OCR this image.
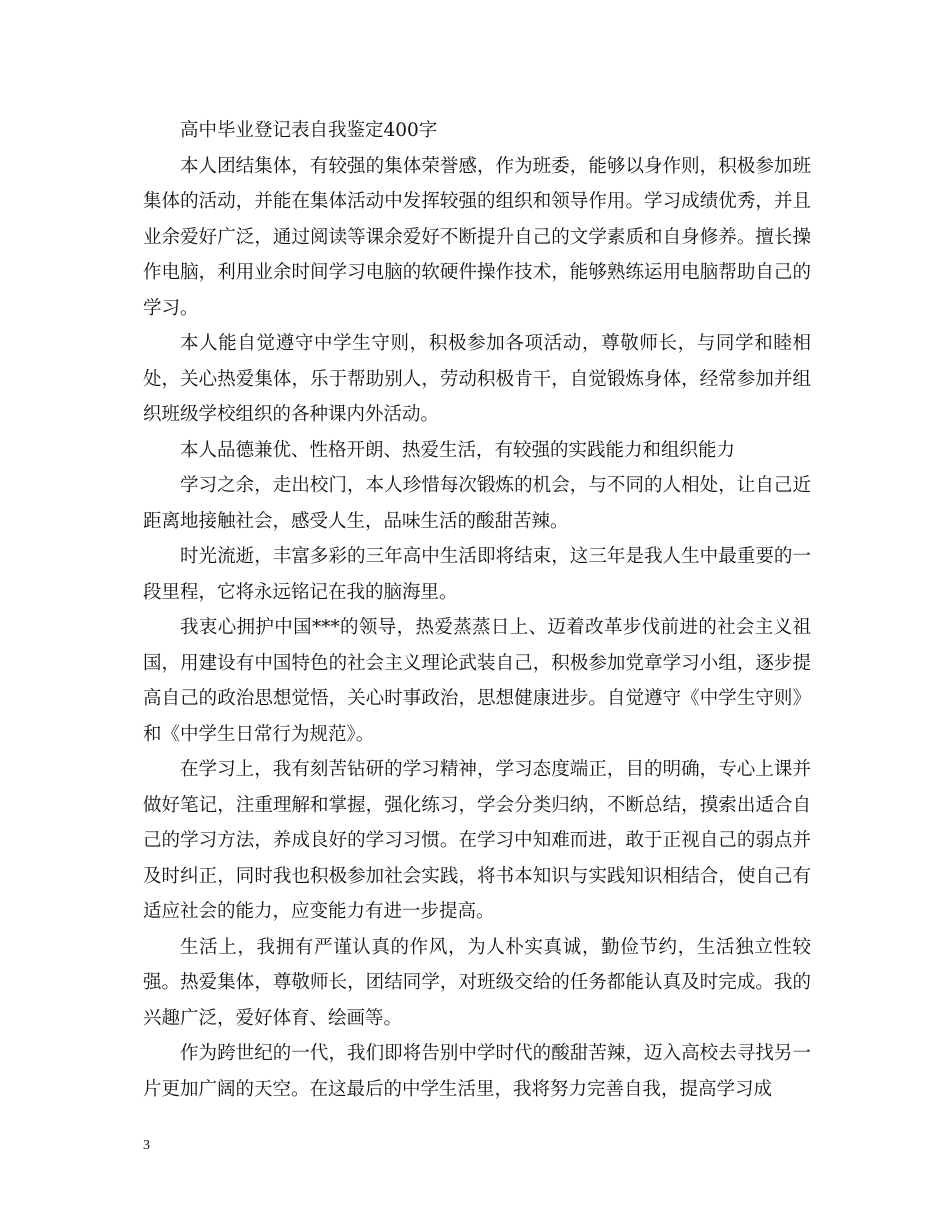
高中毕业登记表自我鉴定400字

本人团结集体，有较强的集体荣誉感，作为班委，能够以身作则，积极参加班集体的活动，并能在集体活动中发挥较强的组织和领导作用。学习成绩优秀，并且业余爱好广泛，通过阅读等课余爱好不断提升自己的文学素质和自身修养。擅长操作电脑，利用业余时间学习电脑的软硬件操作技术，能够熟练运用电脑帮助自己的学习。

本人能自觉遵守中学生守则，积极参加各项活动，尊敬师长，与同学和睦相处，关心热爱集体，乐于帮助别人，劳动积极肯干，自觉锻炼身体，经常参加并组织班级学校组织的各种课内外活动。

本人品德兼优、性格开朗、热爱生活，有较强的实践能力和组织能力

学习之余，走出校门，本人珍惜每次锻炼的机会，与不同的人相处，让自己近距离地接触社会，感受人生，品味生活的酸甜苦辣。

时光流逝，丰富多彩的三年高中生活即将结束，这三年是我人生中最重要的一段里程，它将永远铭记在我的脑海里。

我衷心拥护中国***的领导，热爱蒸蒸日上、迈着改革步伐前进的社会主义祖国，用建设有中国特色的社会主义理论武装自己，积极参加党章学习小组，逐步提高自己的政治思想觉悟，关心时事政治，思想健康进步。自觉遵守《中学生守则》和《中学生日常行为规范》。

在学习上，我有刻苦钻研的学习精神，学习态度端正，目的明确，专心上课并做好笔记，注重理解和掌握，强化练习，学会分类归纳，不断总结，摸索出适合自己的学习方法，养成良好的学习习惯。在学习中知难而进，敢于正视自己的弱点并及时纠正，同时我也积极参加社会实践，将书本知识与实践知识相结合，使自己有适应社会的能力，应变能力有进一步提高。

生活上，我拥有严谨认真的作风，为人朴实真诚，勤俭节约，生活独立性较强。热爱集体，尊敬师长，团结同学，对班级交给的任务都能认真及时完成。我的兴趣广泛，爱好体育、绘画等。

作为跨世纪的一代，我们即将告别中学时代的酸甜苦辣，迈入高校去寻找另一片更加广阔的天空。在这最后的中学生活里，我将努力完善自我，提高学习成

3
